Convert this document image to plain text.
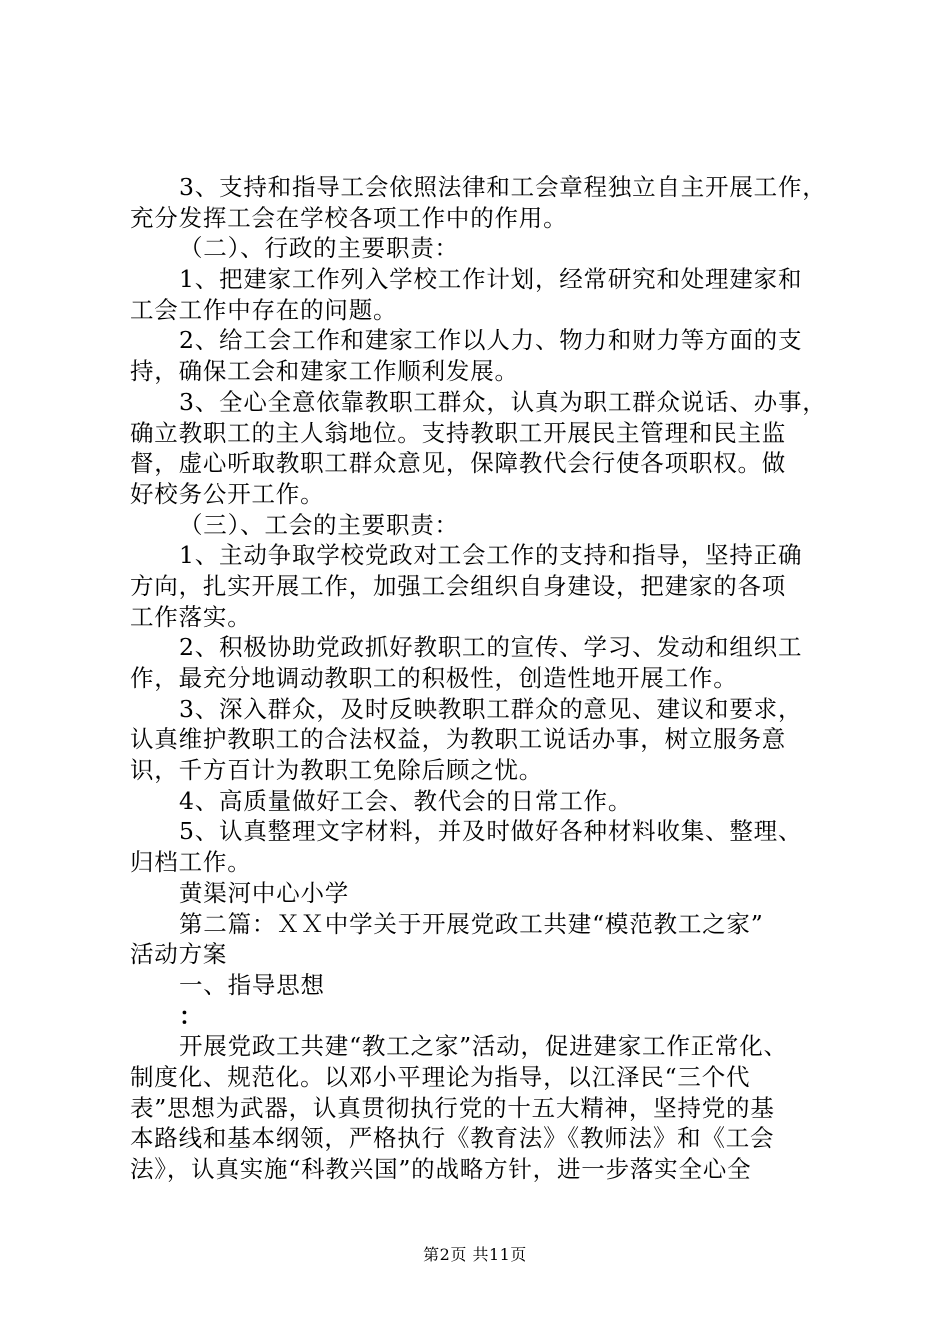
3、支持和指导工会依照法律和工会章程独立自主开展工作，
充分发挥工会在学校各项工作中的作用。
（二）、行政的主要职责：
1、把建家工作列入学校工作计划，经常研究和处理建家和
工会工作中存在的问题。
2、给工会工作和建家工作以人力、物力和财力等方面的支
持，确保工会和建家工作顺利发展。
3、全心全意依靠教职工群众，认真为职工群众说话、办事，
确立教职工的主人翁地位。支持教职工开展民主管理和民主监
督，虚心听取教职工群众意见，保障教代会行使各项职权。做
好校务公开工作。
（三）、工会的主要职责：
1、主动争取学校党政对工会工作的支持和指导，坚持正确
方向，扎实开展工作，加强工会组织自身建设，把建家的各项
工作落实。
2、积极协助党政抓好教职工的宣传、学习、发动和组织工
作，最充分地调动教职工的积极性，创造性地开展工作。
3、深入群众，及时反映教职工群众的意见、建议和要求，
认真维护教职工的合法权益，为教职工说话办事，树立服务意
识，千方百计为教职工免除后顾之忧。
4、高质量做好工会、教代会的日常工作。
5、认真整理文字材料，并及时做好各种材料收集、整理、
归档工作。
黄渠河中心小学
第二篇：ＸＸ中学关于开展党政工共建“模范教工之家”
活动方案
一、指导思想
：
开展党政工共建“教工之家”活动，促进建家工作正常化、
制度化、规范化。以邓小平理论为指导，以江泽民“三个代
表”思想为武器，认真贯彻执行党的十五大精神，坚持党的基
本路线和基本纲领，严格执行《教育法》《教师法》和《工会
法》，认真实施“科教兴国”的战略方针，进一步落实全心全
第2页 共11页
